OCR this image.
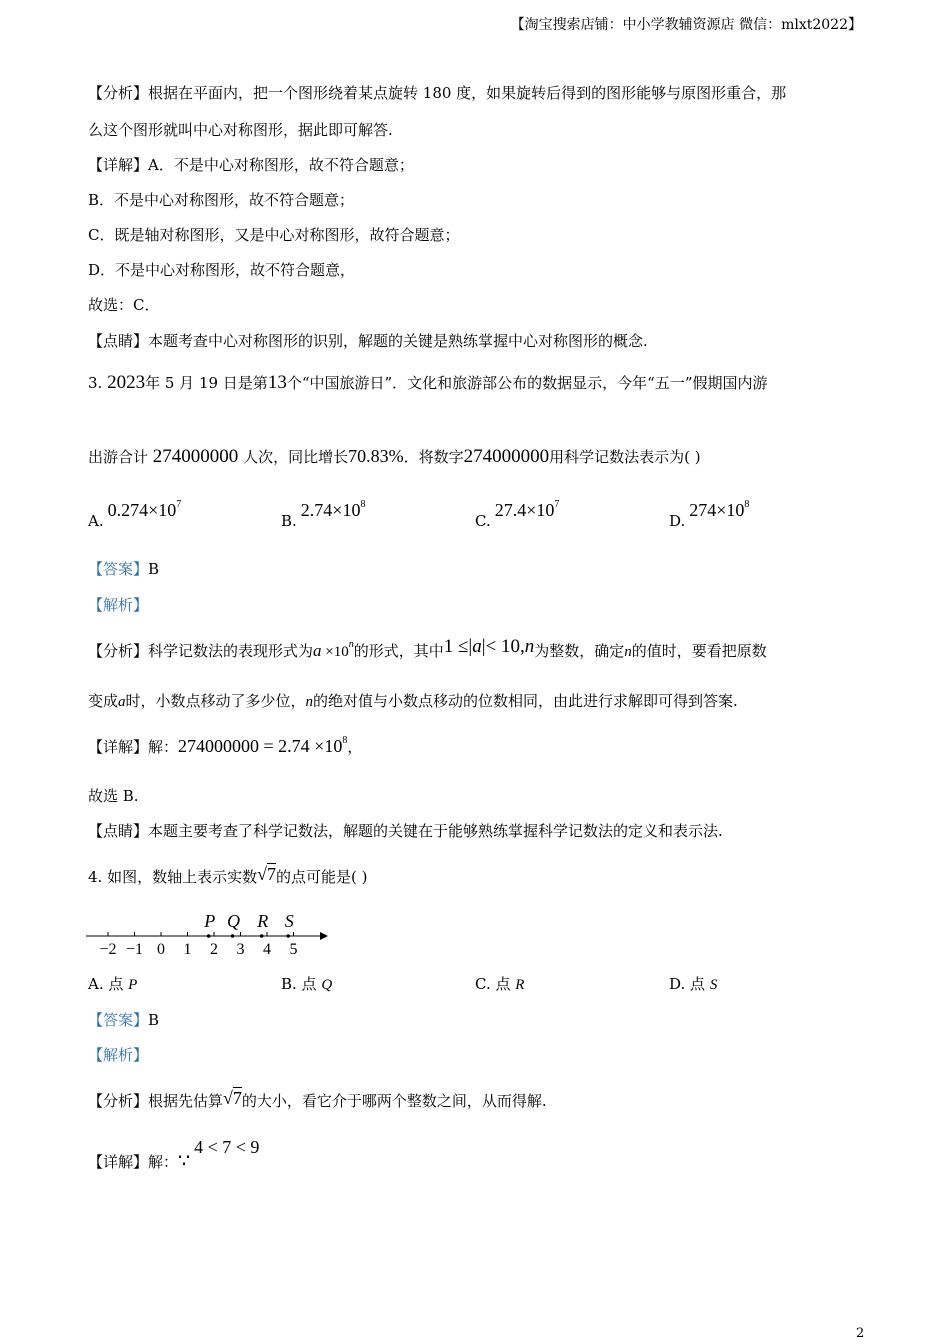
【淘宝搜索店铺：中小学教辅资源店 微信：mlxt2022】
【分析】根据在平面内，把一个图形绕着某点旋转 180 度，如果旋转后得到的图形能够与原图形重合，那
么这个图形就叫中心对称图形，据此即可解答.
【详解】A．不是中心对称图形，故不符合题意；
B．不是中心对称图形，故不符合题意；
C．既是轴对称图形，又是中心对称图形，故符合题意；
D．不是中心对称图形，故不符合题意，
故选：C．
【点睛】本题考查中心对称图形的识别，解题的关键是熟练掌握中心对称图形的概念.
3. 2023年 5 月 19 日是第13个“中国旅游日”．文化和旅游部公布的数据显示，今年“五一”假期国内游
出游合计 274000000 人次，同比增长70.83%．将数字274000000用科学记数法表示为( )
$A.0.274\times 10^7$
$B.2.74\times 10^8$
$C.27.4\times 10^7$
$D.274\times 10^8$
【答案】B
【解析】
【分析】科学记数法的表现形式为$a \times 10^n$的形式，其中1 ≤|a|< 10,n为整数，确定n的值时，要看把原数
变成a时，小数点移动了多少位，n的绝对值与小数点移动的位数相同，由此进行求解即可得到答案.
【详解】解：$274000000 = 2.74 \times 10^8$，
故选 B.
【点睛】本题主要考查了科学记数法，解题的关键在于能够熟练掌握科学记数法的定义和表示法.
4. 如图，数轴上表示实数√7的点可能是( )
−2 −1 0 1 2 3 4 5
P Q R S
A. 点 P	B. 点 Q	C. 点 R	D. 点 S
【答案】B
【解析】
【分析】根据先估算√7的大小，看它介于哪两个整数之间，从而得解.
【详解】解：∵4 < 7 < 9
2
